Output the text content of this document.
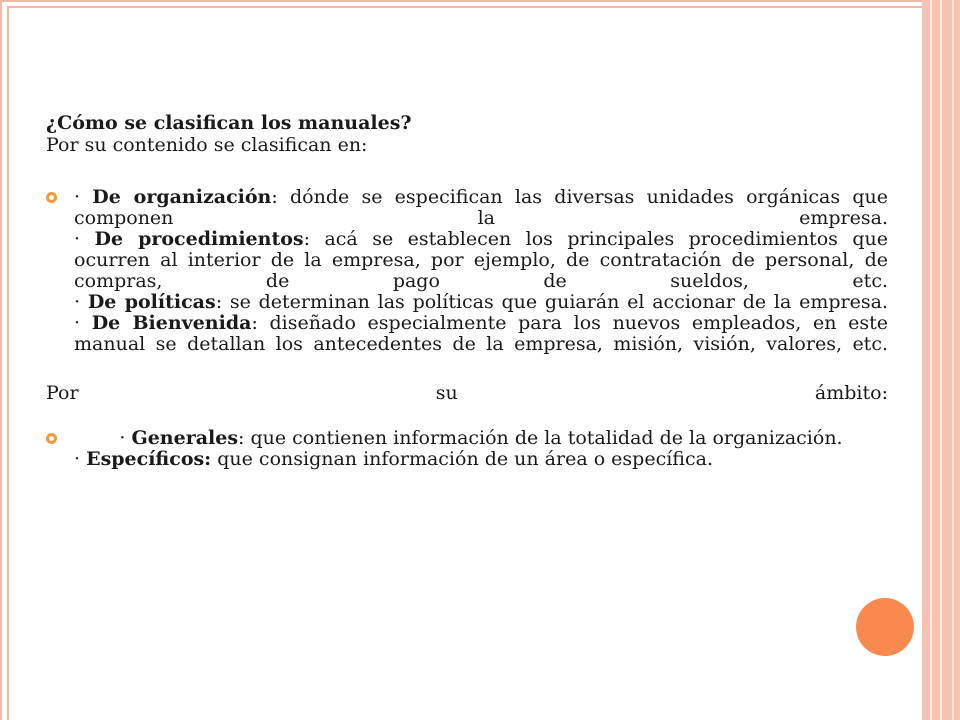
¿Cómo se clasifican los manuales?

Por su contenido se clasifican en:

· De organización: dónde se especifican las diversas unidades orgánicas que componen la empresa.

· De procedimientos: acá se establecen los principales procedimientos que ocurren al interior de la empresa, por ejemplo, de contratación de personal, de compras, de pago de sueldos, etc.

· De políticas: se determinan las políticas que guiarán el accionar de la empresa.

· De Bienvenida: diseñado especialmente para los nuevos empleados, en este manual se detallan los antecedentes de la empresa, misión, visión, valores, etc.

Por su ámbito:

· Generales: que contienen información de la totalidad de la organización.

· Específicos: que consignan información de un área o específica.
